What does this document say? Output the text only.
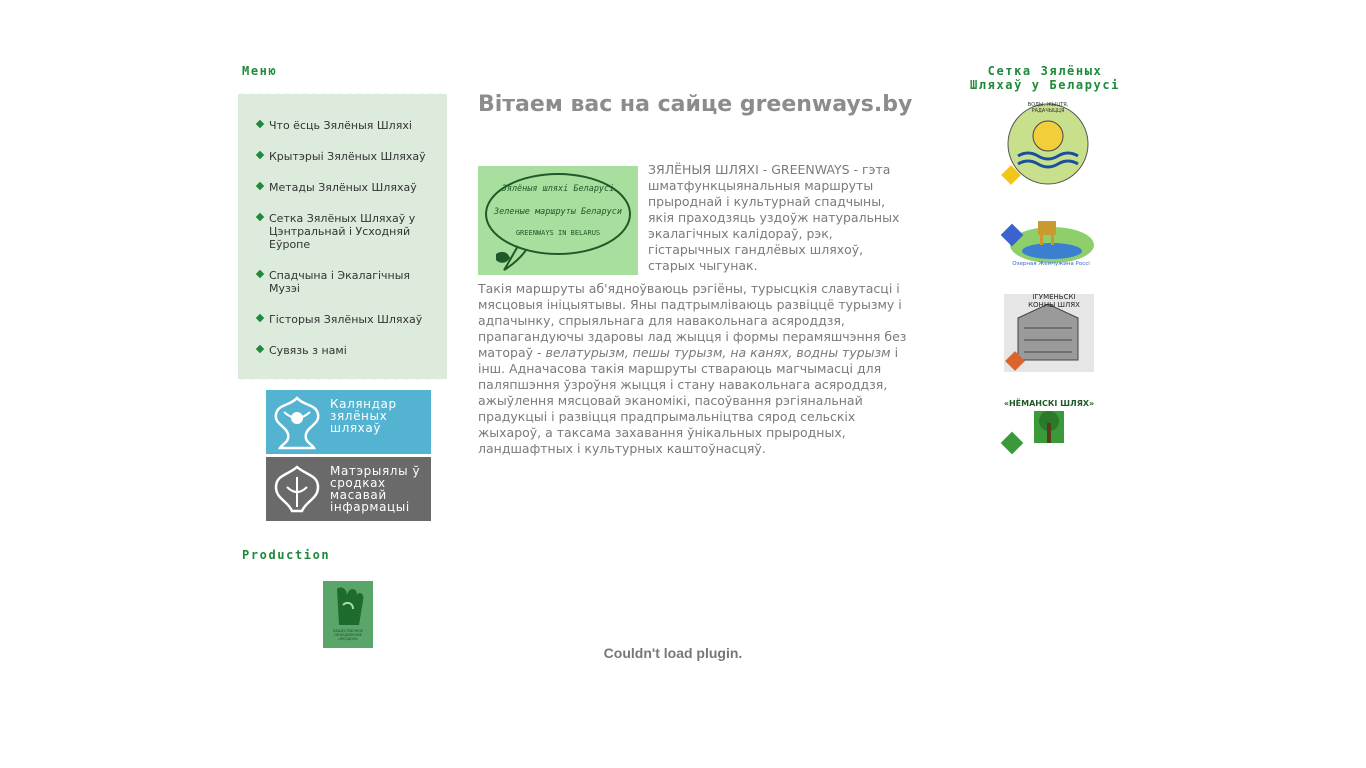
Меню
Что ёсць Зялёныя Шляхі
Крытэрыі Зялёных Шляхаў
Метады Зялёных Шляхаў
Сетка Зялёных Шляхаў у Цэнтральнай і Усходняй Еўропе
Спадчына і Экалагічныя Музэі
Гісторыя Зялёных Шляхаў
Сувязь з намі
Каляндар зялёных шляхаў
Матэрыялы ў сродках масавай інфармацыі
Production
ОБЩЕСТВЕННОЕ ОБЪЕДИНЕНИЕ «ЭКОДОМ»
Вітаем вас на сайце greenways.by
Зялёныя шляхі Беларусі
Зеленые маршруты Беларуси
GREENWAYS IN BELARUS

ЗЯЛЁНЫЯ ШЛЯХІ - GREENWAYS - гэта шматфункцыянальныя маршруты прыроднай і культурнай спадчыны, якія праходзяць уздоўж натуральных экалагічных калідораў, рэк, гістарычных гандлёвых шляхоў, старых чыгунак.

Такія маршруты аб'ядноўваюць рэгіёны, турысцкія славутасці і мясцовыя ініцыятывы. Яны падтрымліваюць развіццё турызму і адпачынку, спрыяльнага для навакольнага асяроддзя, прапагандуючы здаровы лад жыцця і формы перамяшчэння без матораў - велатурызм, пешы турызм, на канях, водны турызм і інш. Адначасова такія маршруты ствараюць магчымасці для паляпшэння ўзроўня жыцця і стану навакольнага асяроддзя, ажыўлення мясцовай эканомікі, пасоўвання рэгіянальнай прадукцыі і развіцця прадпрымальніцтва сярод сельскіх жыхароў, а таксама захавання ўнікальных прыродных, ландшафтных і культурных каштоўнасцяў.

Couldn't load plugin.
Сетка Зялёных
Шляхаў у Беларусі
ВОДЫ, ЖЫЦТЯ, РАДАЧЫЦЦЯ
Озерная Жемчужина Россi
ІГУМЕНЬСКІ КОННЫ ШЛЯХ
«НЁМАНСКІ ШЛЯХ»
